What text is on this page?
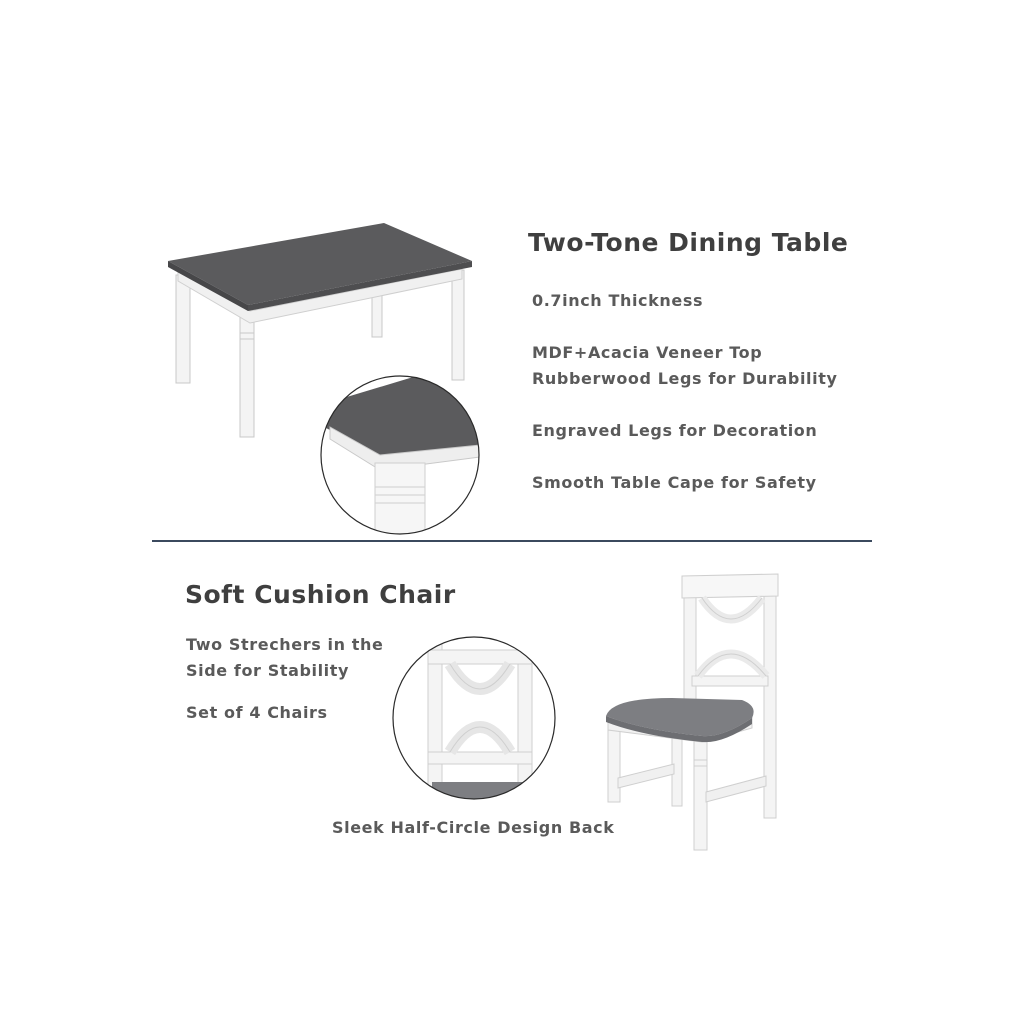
Two-Tone Dining Table
0.7inch Thickness
MDF+Acacia Veneer Top
Rubberwood Legs for Durability
Engraved Legs for Decoration
Smooth Table Cape for Safety
Soft Cushion Chair
Two Strechers in the
Side for Stability
Set of 4 Chairs
Sleek Half-Circle Design Back
